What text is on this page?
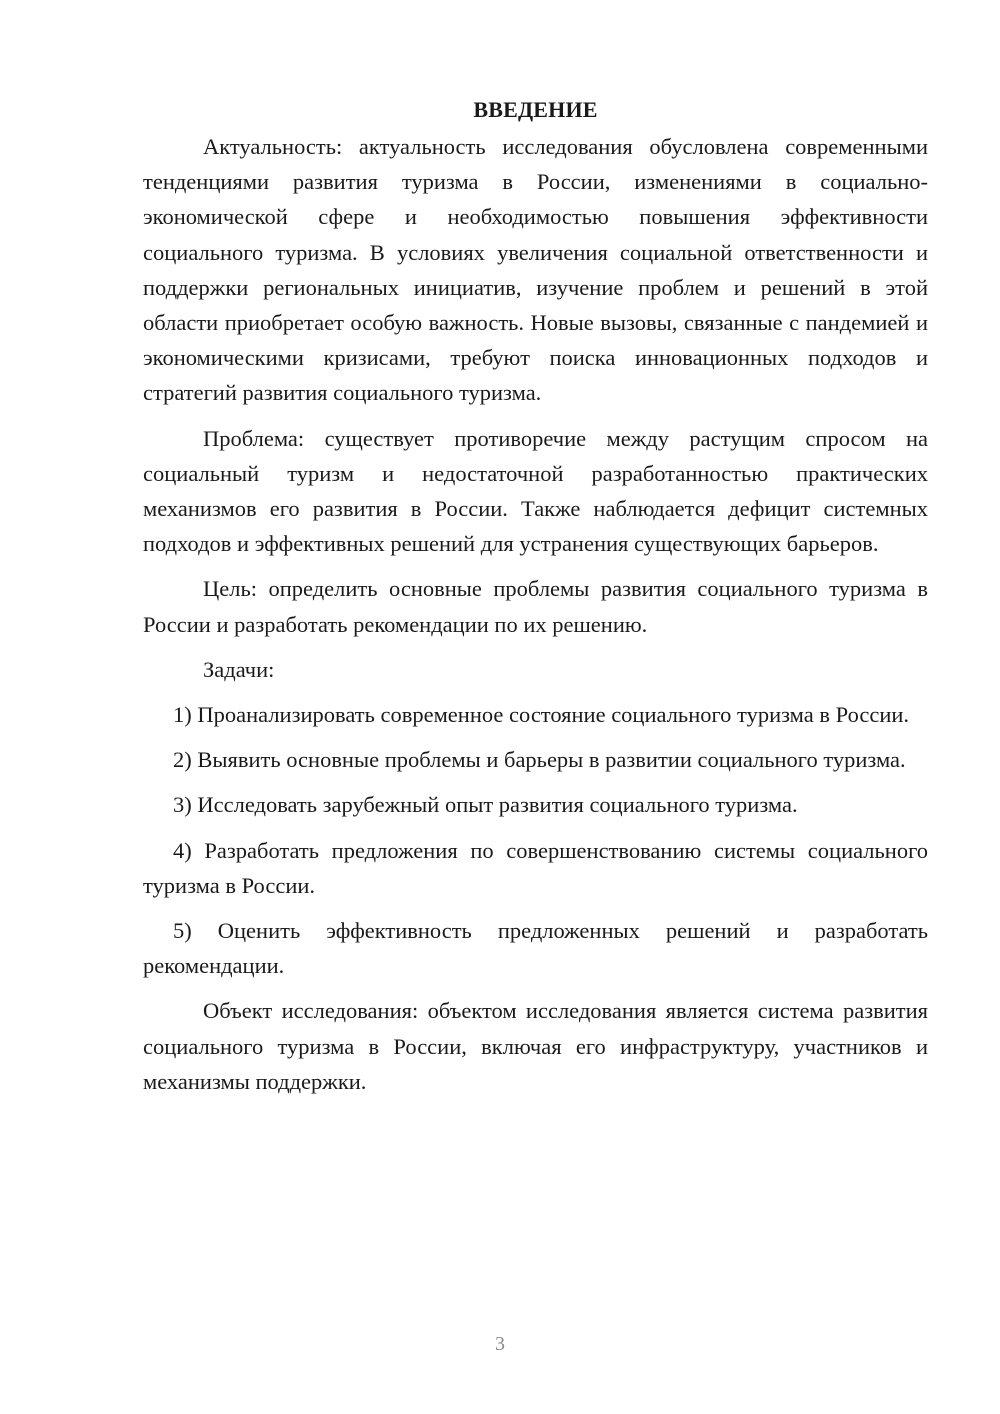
ВВЕДЕНИЕ

Актуальность: актуальность исследования обусловлена современными тенденциями развития туризма в России, изменениями в социально-экономической сфере и необходимостью повышения эффективности социального туризма. В условиях увеличения социальной ответственности и поддержки региональных инициатив, изучение проблем и решений в этой области приобретает особую важность. Новые вызовы, связанные с пандемией и экономическими кризисами, требуют поиска инновационных подходов и стратегий развития социального туризма.

Проблема: существует противоречие между растущим спросом на социальный туризм и недостаточной разработанностью практических механизмов его развития в России. Также наблюдается дефицит системных подходов и эффективных решений для устранения существующих барьеров.

Цель: определить основные проблемы развития социального туризма в России и разработать рекомендации по их решению.

Задачи:

1) Проанализировать современное состояние социального туризма в России.

2) Выявить основные проблемы и барьеры в развитии социального туризма.

3) Исследовать зарубежный опыт развития социального туризма.

4) Разработать предложения по совершенствованию системы социального туризма в России.

5) Оценить эффективность предложенных решений и разработать рекомендации.

Объект исследования: объектом исследования является система развития социального туризма в России, включая его инфраструктуру, участников и механизмы поддержки.

3
